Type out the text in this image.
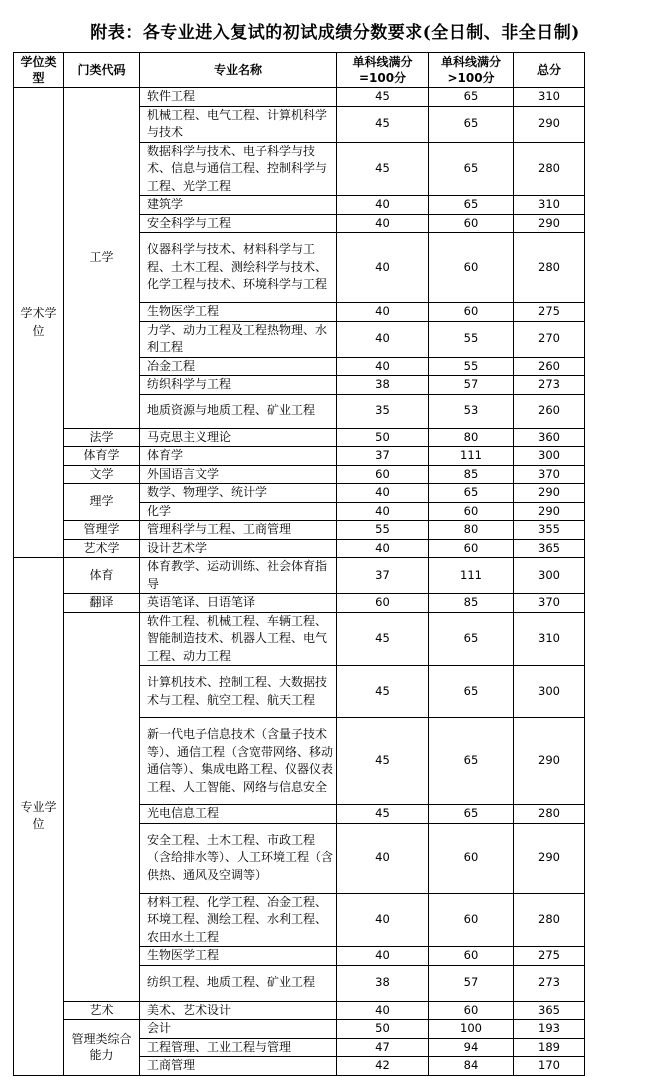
附表：各专业进入复试的初试成绩分数要求(全日制、非全日制)
学位类型	门类代码	专业名称	单科线满分=100分	单科线满分>100分	总分
学术学位	工学	软件工程	45	65	310
		机械工程、电气工程、计算机科学与技术	45	65	290
		数据科学与技术、电子科学与技术、信息与通信工程、控制科学与工程、光学工程	45	65	280
		建筑学	40	65	310
		安全科学与工程	40	60	290
		仪器科学与技术、材料科学与工程、土木工程、测绘科学与技术、化学工程与技术、环境科学与工程	40	60	280
		生物医学工程	40	60	275
		力学、动力工程及工程热物理、水利工程	40	55	270
		冶金工程	40	55	260
		纺织科学与工程	38	57	273
		地质资源与地质工程、矿业工程	35	53	260
	法学	马克思主义理论	50	80	360
	体育学	体育学	37	111	300
	文学	外国语言文学	60	85	370
	理学	数学、物理学、统计学	40	65	290
		化学	40	60	290
	管理学	管理科学与工程、工商管理	55	80	355
	艺术学	设计艺术学	40	60	365
专业学位	体育	体育教学、运动训练、社会体育指导	37	111	300
	翻译	英语笔译、日语笔译	60	85	370
	工学	软件工程、机械工程、车辆工程、智能制造技术、机器人工程、电气工程、动力工程	45	65	310
		计算机技术、控制工程、大数据技术与工程、航空工程、航天工程	45	65	300
		新一代电子信息技术（含量子技术等）、通信工程（含宽带网络、移动通信等）、集成电路工程、仪器仪表工程、人工智能、网络与信息安全	45	65	290
		光电信息工程	45	65	280
		安全工程、土木工程、市政工程（含给排水等）、人工环境工程（含供热、通风及空调等）	40	60	290
		材料工程、化学工程、冶金工程、环境工程、测绘工程、水利工程、农田水土工程	40	60	280
		生物医学工程	40	60	275
		纺织工程、地质工程、矿业工程	38	57	273
	艺术	美术、艺术设计	40	60	365
	管理类综合能力	会计	50	100	193
		工程管理、工业工程与管理	47	94	189
		工商管理	42	84	170
